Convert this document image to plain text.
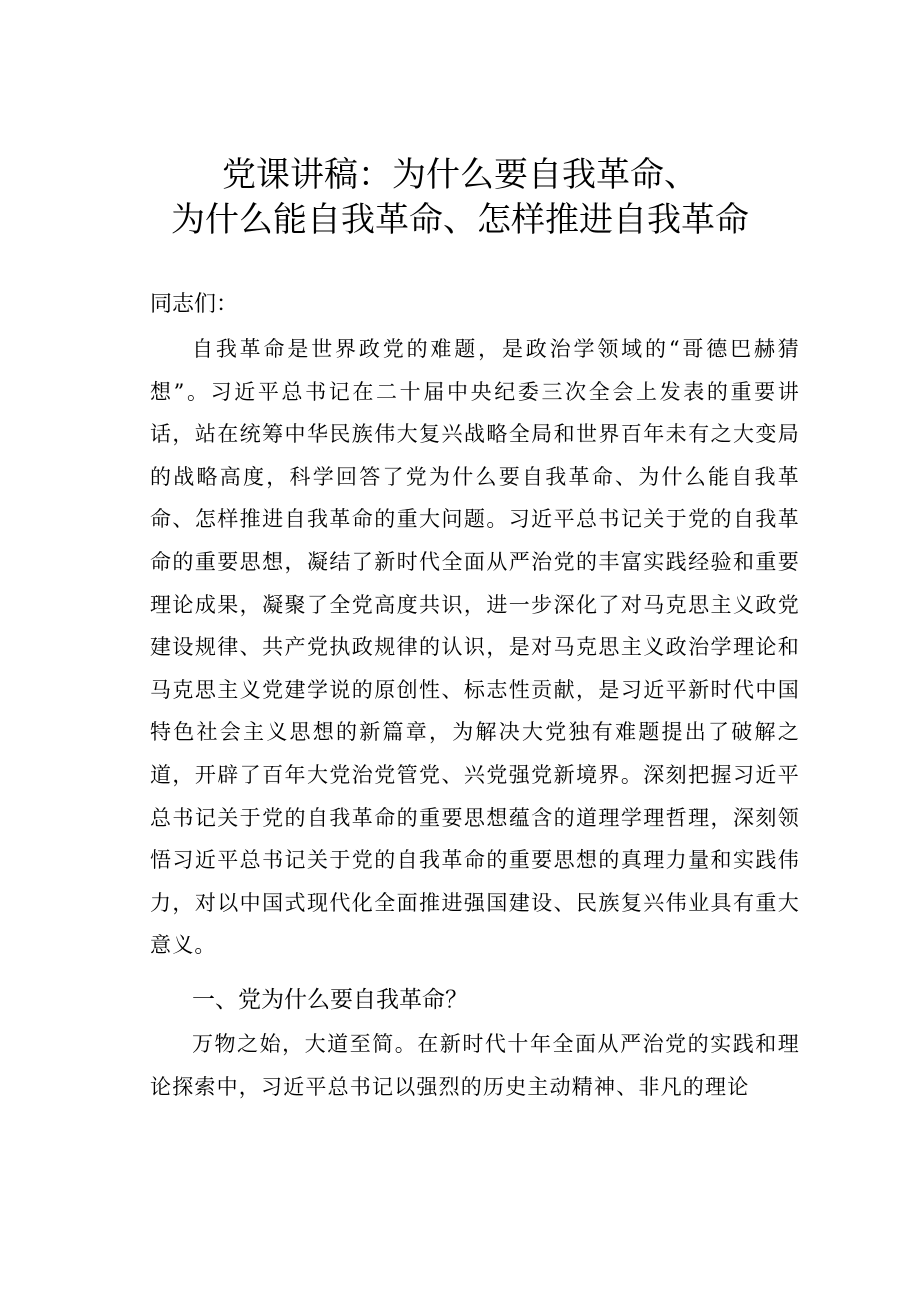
党课讲稿：为什么要自我革命、
为什么能自我革命、怎样推进自我革命

同志们：

自我革命是世界政党的难题，是政治学领域的“哥德巴赫猜想”。习近平总书记在二十届中央纪委三次全会上发表的重要讲话，站在统筹中华民族伟大复兴战略全局和世界百年未有之大变局的战略高度，科学回答了党为什么要自我革命、为什么能自我革命、怎样推进自我革命的重大问题。习近平总书记关于党的自我革命的重要思想，凝结了新时代全面从严治党的丰富实践经验和重要理论成果，凝聚了全党高度共识，进一步深化了对马克思主义政党建设规律、共产党执政规律的认识，是对马克思主义政治学理论和马克思主义党建学说的原创性、标志性贡献，是习近平新时代中国特色社会主义思想的新篇章，为解决大党独有难题提出了破解之道，开辟了百年大党治党管党、兴党强党新境界。深刻把握习近平总书记关于党的自我革命的重要思想蕴含的道理学理哲理，深刻领悟习近平总书记关于党的自我革命的重要思想的真理力量和实践伟力，对以中国式现代化全面推进强国建设、民族复兴伟业具有重大意义。

一、党为什么要自我革命？

万物之始，大道至简。在新时代十年全面从严治党的实践和理论探索中，习近平总书记以强烈的历史主动精神、非凡的理论
